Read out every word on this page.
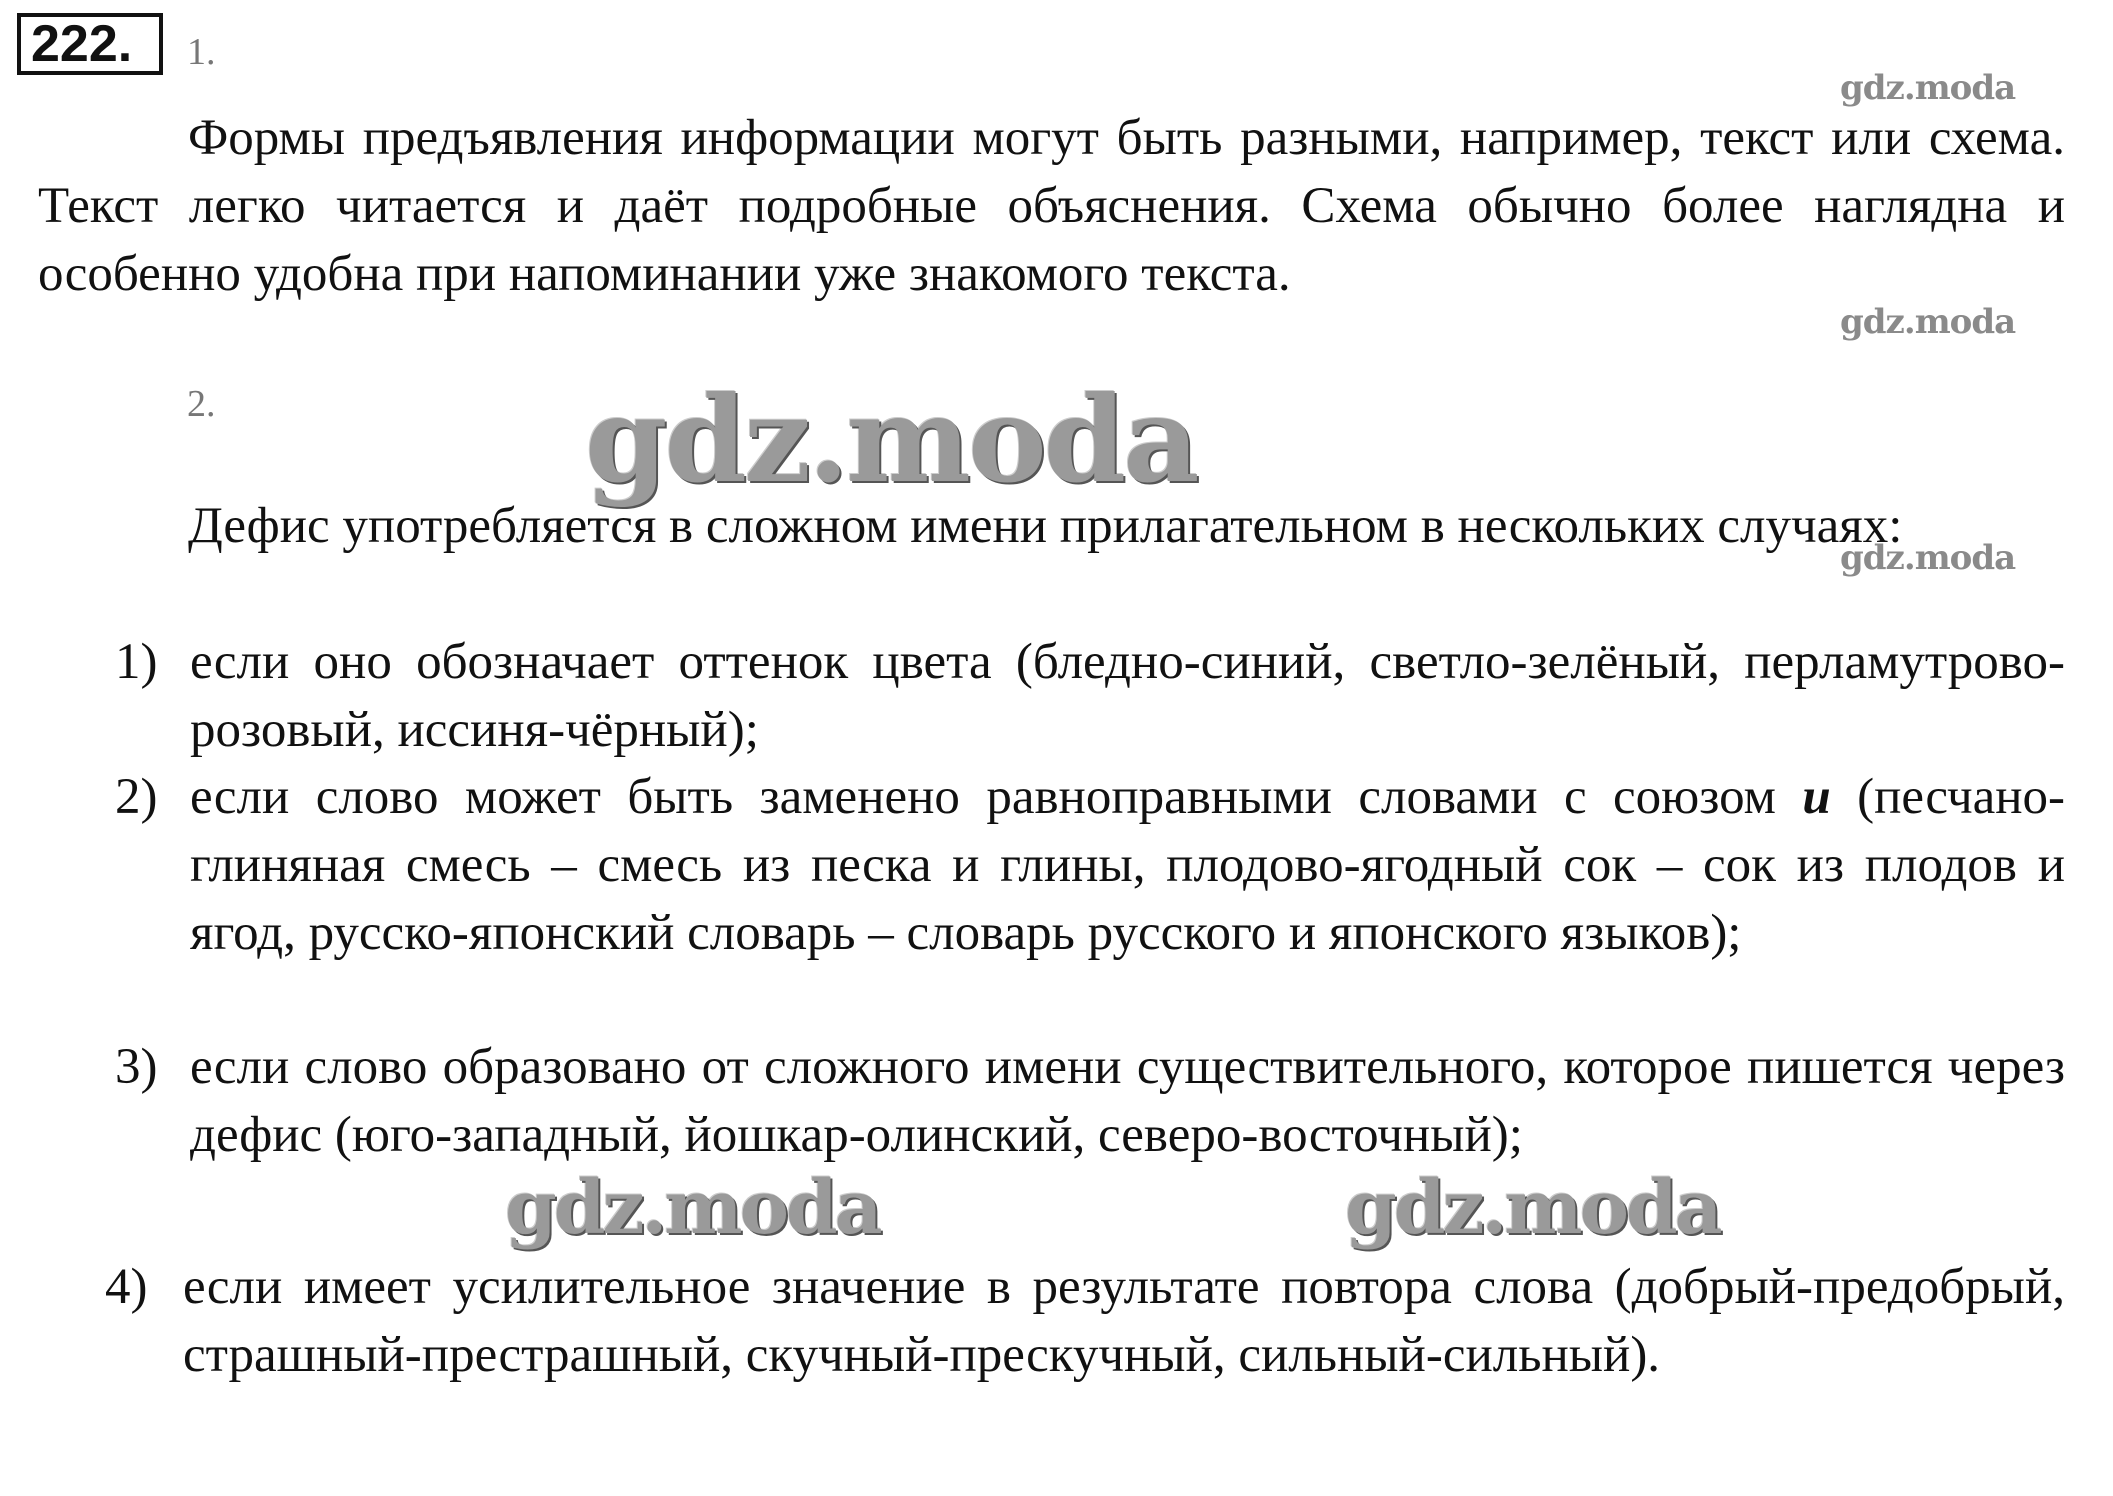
222.	1.

Формы предъявления информации могут быть разными, например, текст или схема. Текст легко читается и даёт подробные объяснения. Схема обычно более наглядна и особенно удобна при напоминании уже знакомого текста.

2.

Дефис употребляется в сложном имени прилагательном в нескольких случаях:

1) если оно обозначает оттенок цвета (бледно-синий, светло-зелёный, перламутрово-розовый, иссиня-чёрный);

2) если слово может быть заменено равноправными словами с союзом и (песчано-глиняная смесь – смесь из песка и глины, плодово-ягодный сок – сок из плодов и ягод, русско-японский словарь – словарь русского и японского языков);

3) если слово образовано от сложного имени существительного, которое пишется через дефис (юго-западный, йошкар-олинский, северо-восточный);

4) если имеет усилительное значение в результате повтора слова (добрый-предобрый, страшный-престрашный, скучный-прескучный, сильный-сильный).

gdz.moda
gdz.moda
gdz.moda
gdz.moda
gdz.moda	gdz.moda
